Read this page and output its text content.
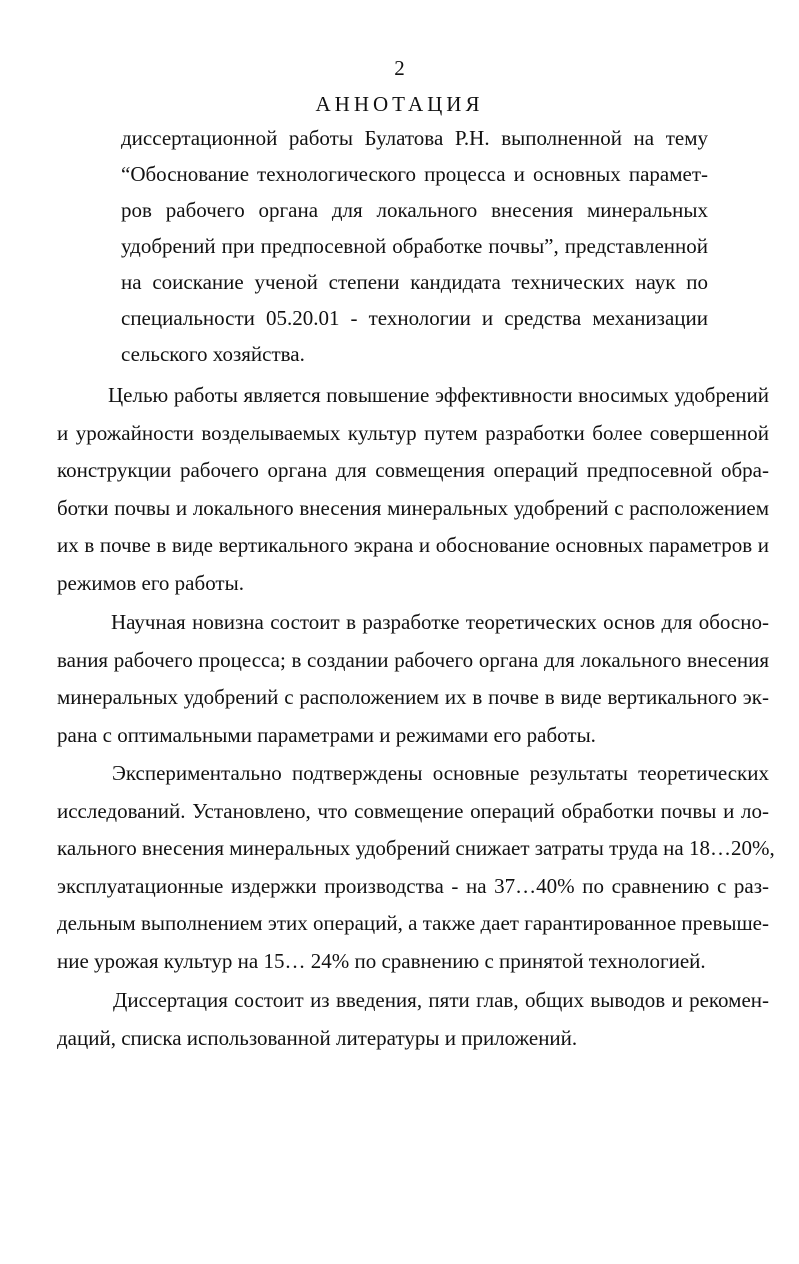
2
АННОТАЦИЯ
диссертационной работы Булатова Р.Н. выполненной на тему
“Обоснование технологического процесса и основных парамет-
ров рабочего органа для локального внесения минеральных
удобрений при предпосевной обработке почвы”, представленной
на соискание ученой степени кандидата технических наук по
специальности 05.20.01 - технологии и средства механизации
сельского хозяйства.
Целью работы является повышение эффективности вносимых удобрений
и урожайности возделываемых культур путем разработки более совершенной
конструкции рабочего органа для совмещения операций предпосевной обра-
ботки почвы и локального внесения минеральных удобрений с расположением
их в почве в виде вертикального экрана и обоснование основных параметров и
режимов его работы.
Научная новизна состоит в разработке теоретических основ для обосно-
вания рабочего процесса; в создании рабочего органа для локального внесения
минеральных удобрений с расположением их в почве в виде вертикального эк-
рана с оптимальными параметрами и режимами его работы.
Экспериментально подтверждены основные результаты теоретических
исследований. Установлено, что совмещение операций обработки почвы и ло-
кального внесения минеральных удобрений снижает затраты труда на 18…20%,
эксплуатационные издержки производства - на 37…40% по сравнению с раз-
дельным выполнением этих операций, а также дает гарантированное превыше-
ние урожая культур на 15… 24% по сравнению с принятой технологией.
Диссертация состоит из введения, пяти глав, общих выводов и рекомен-
даций, списка использованной литературы и приложений.
